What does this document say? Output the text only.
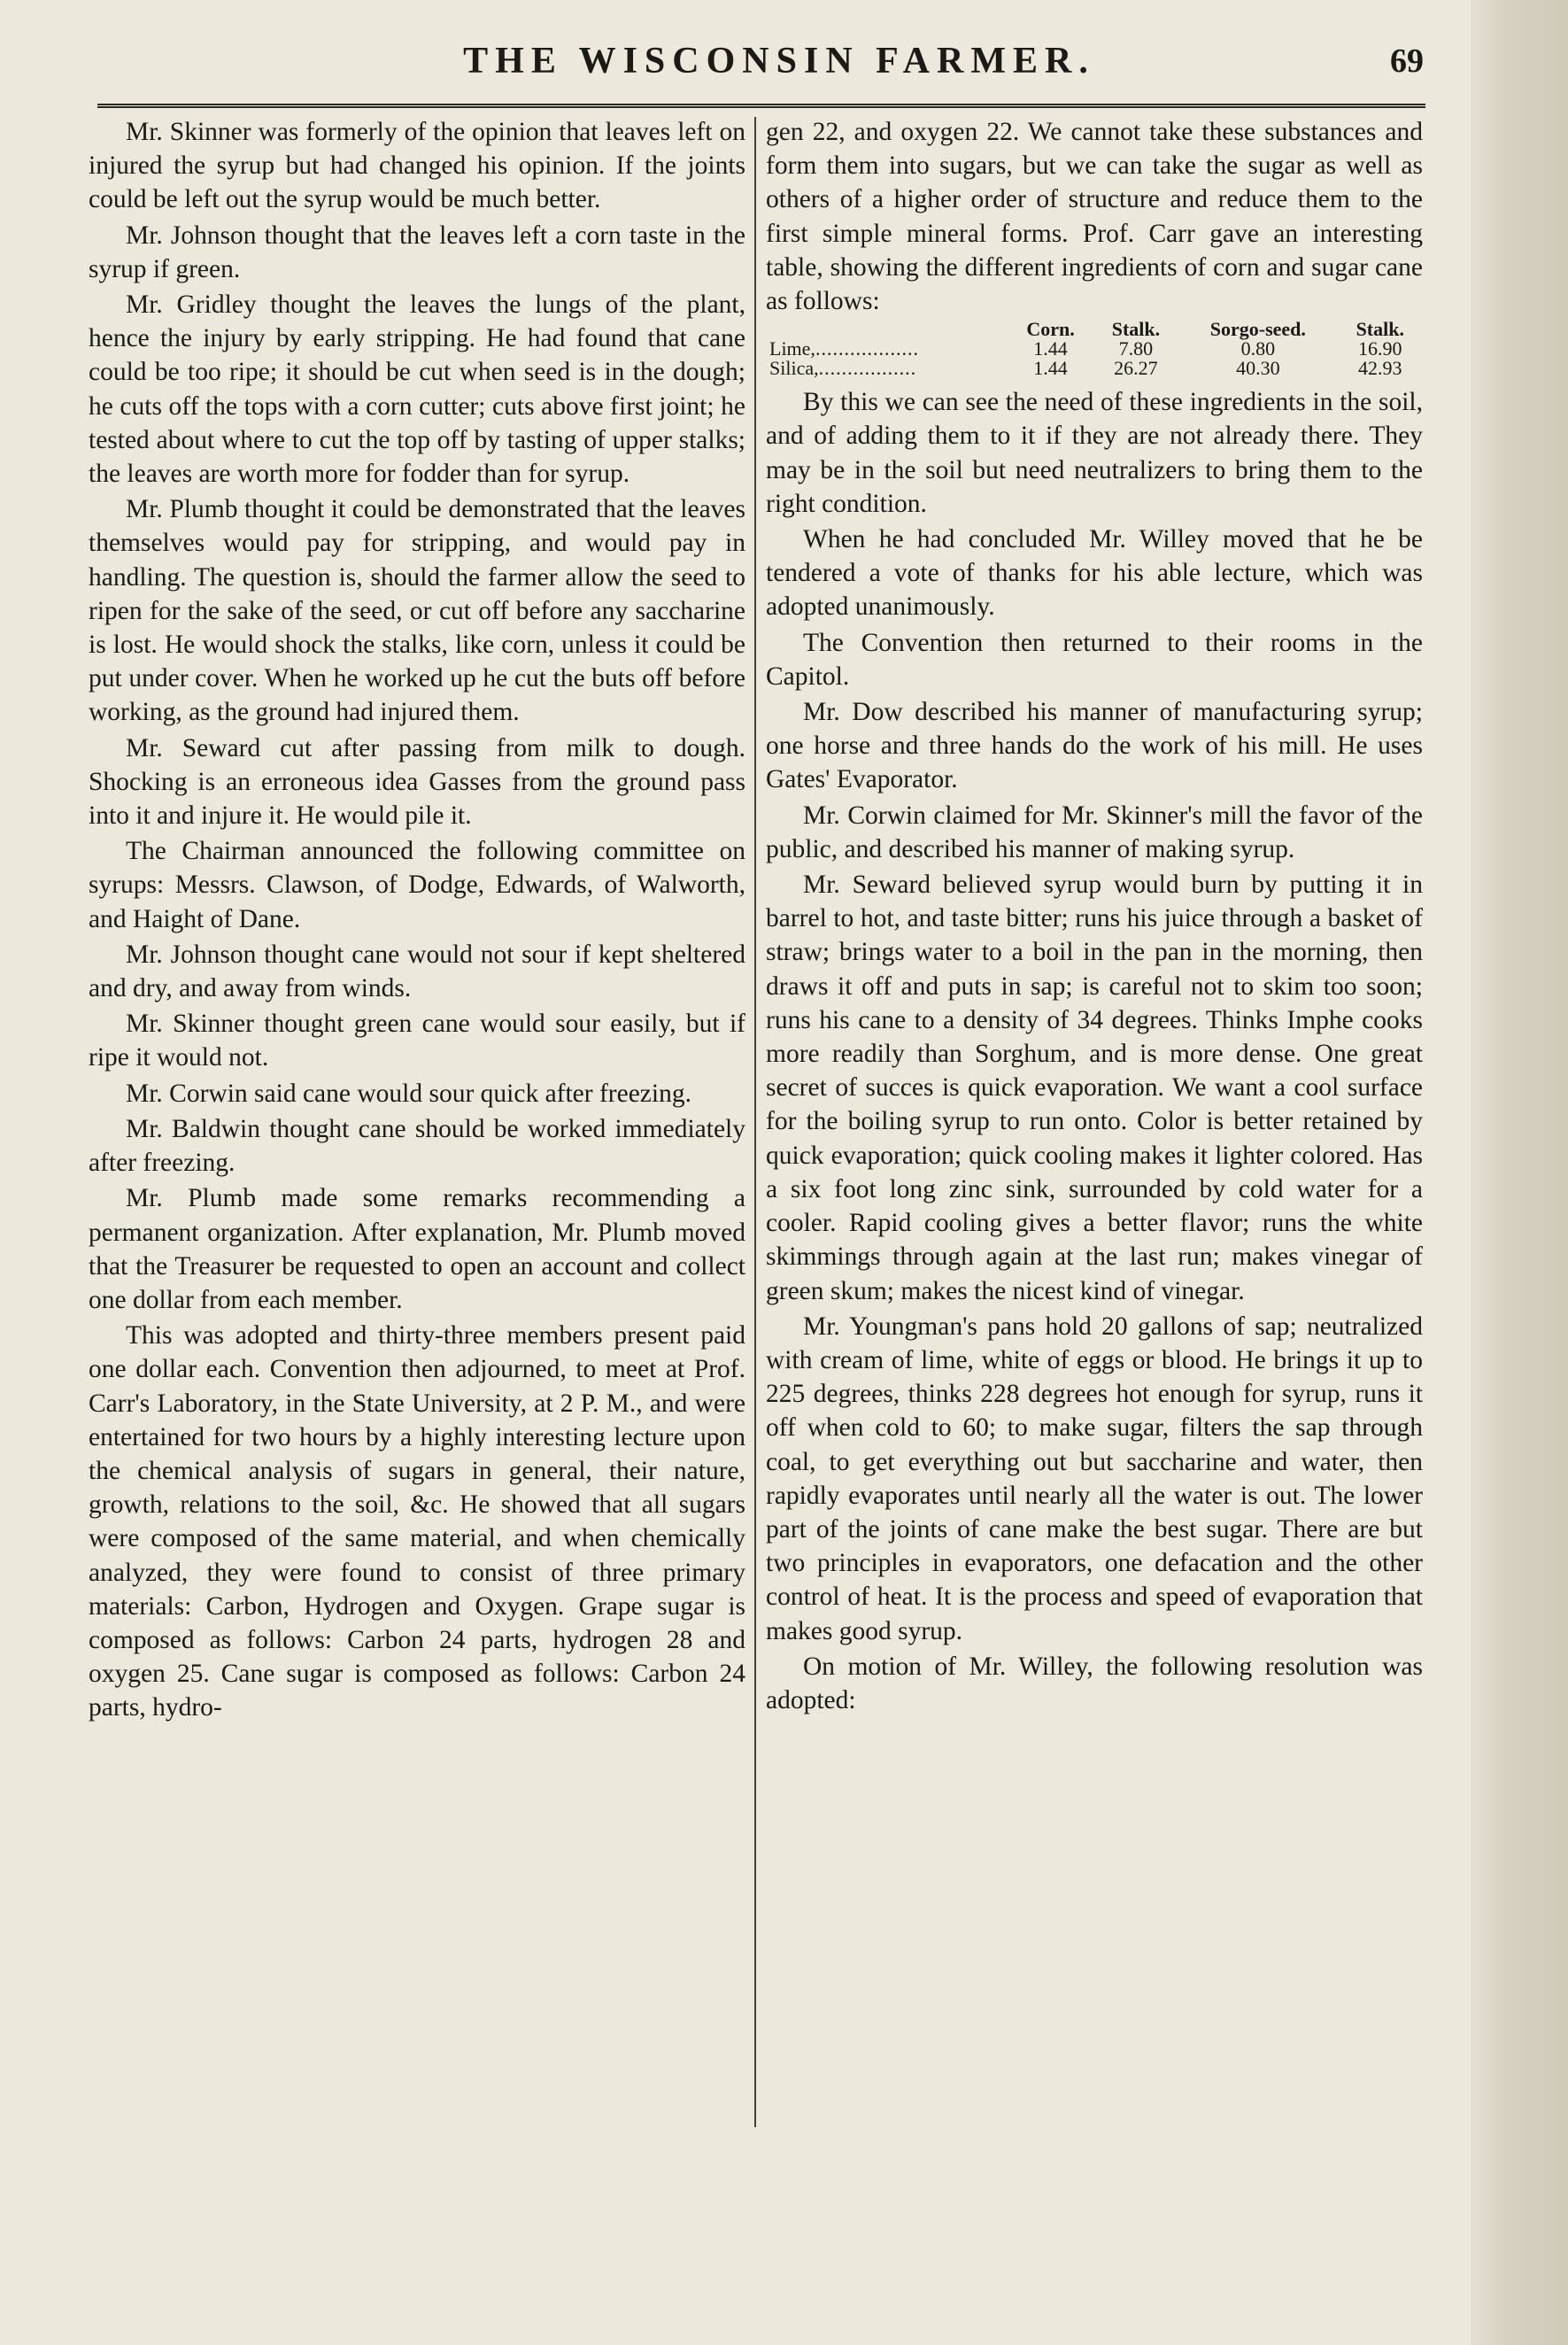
THE WISCONSIN FARMER.	69

Mr. Skinner was formerly of the opinion that leaves left on injured the syrup but had changed his opinion. If the joints could be left out the syrup would be much better.

Mr. Johnson thought that the leaves left a corn taste in the syrup if green.

Mr. Gridley thought the leaves the lungs of the plant, hence the injury by early stripping. He had found that cane could be too ripe; it should be cut when seed is in the dough; he cuts off the tops with a corn cutter; cuts above first joint; he tested about where to cut the top off by tasting of upper stalks; the leaves are worth more for fodder than for syrup.

Mr. Plumb thought it could be demonstrated that the leaves themselves would pay for stripping, and would pay in handling. The question is, should the farmer allow the seed to ripen for the sake of the seed, or cut off before any saccharine is lost. He would shock the stalks, like corn, unless it could be put under cover. When he worked up he cut the buts off before working, as the ground had injured them.

Mr. Seward cut after passing from milk to dough. Shocking is an erroneous idea Gasses from the ground pass into it and injure it. He would pile it.

The Chairman announced the following committee on syrups: Messrs. Clawson, of Dodge, Edwards, of Walworth, and Haight of Dane.

Mr. Johnson thought cane would not sour if kept sheltered and dry, and away from winds.

Mr. Skinner thought green cane would sour easily, but if ripe it would not.

Mr. Corwin said cane would sour quick after freezing.

Mr. Baldwin thought cane should be worked immediately after freezing.

Mr. Plumb made some remarks recommending a permanent organization. After explanation, Mr. Plumb moved that the Treasurer be requested to open an account and collect one dollar from each member.

This was adopted and thirty-three members present paid one dollar each. Convention then adjourned, to meet at Prof. Carr's Laboratory, in the State University, at 2 P. M., and were entertained for two hours by a highly interesting lecture upon the chemical analysis of sugars in general, their nature, growth, relations to the soil, &c. He showed that all sugars were composed of the same material, and when chemically analyzed, they were found to consist of three primary materials: Carbon, Hydrogen and Oxygen. Grape sugar is composed as follows: Carbon 24 parts, hydrogen 28 and oxygen 25. Cane sugar is composed as follows: Carbon 24 parts, hydro-

gen 22, and oxygen 22. We cannot take these substances and form them into sugars, but we can take the sugar as well as others of a higher order of structure and reduce them to the first simple mineral forms. Prof. Carr gave an interesting table, showing the different ingredients of corn and sugar cane as follows:

	Corn.	Stalk.	Sorgo-seed.	Stalk.
Lime,..................	1.44	7.80	0.80	16.90
Silica,.................	1.44	26.27	40.30	42.93

By this we can see the need of these ingredients in the soil, and of adding them to it if they are not already there. They may be in the soil but need neutralizers to bring them to the right condition.

When he had concluded Mr. Willey moved that he be tendered a vote of thanks for his able lecture, which was adopted unanimously.

The Convention then returned to their rooms in the Capitol.

Mr. Dow described his manner of manufacturing syrup; one horse and three hands do the work of his mill. He uses Gates' Evaporator.

Mr. Corwin claimed for Mr. Skinner's mill the favor of the public, and described his manner of making syrup.

Mr. Seward believed syrup would burn by putting it in barrel to hot, and taste bitter; runs his juice through a basket of straw; brings water to a boil in the pan in the morning, then draws it off and puts in sap; is careful not to skim too soon; runs his cane to a density of 34 degrees. Thinks Imphe cooks more readily than Sorghum, and is more dense. One great secret of succes is quick evaporation. We want a cool surface for the boiling syrup to run onto. Color is better retained by quick evaporation; quick cooling makes it lighter colored. Has a six foot long zinc sink, surrounded by cold water for a cooler. Rapid cooling gives a better flavor; runs the white skimmings through again at the last run; makes vinegar of green skum; makes the nicest kind of vinegar.

Mr. Youngman's pans hold 20 gallons of sap; neutralized with cream of lime, white of eggs or blood. He brings it up to 225 degrees, thinks 228 degrees hot enough for syrup, runs it off when cold to 60; to make sugar, filters the sap through coal, to get everything out but saccharine and water, then rapidly evaporates until nearly all the water is out. The lower part of the joints of cane make the best sugar. There are but two principles in evaporators, one defacation and the other control of heat. It is the process and speed of evaporation that makes good syrup.

On motion of Mr. Willey, the following resolution was adopted:
